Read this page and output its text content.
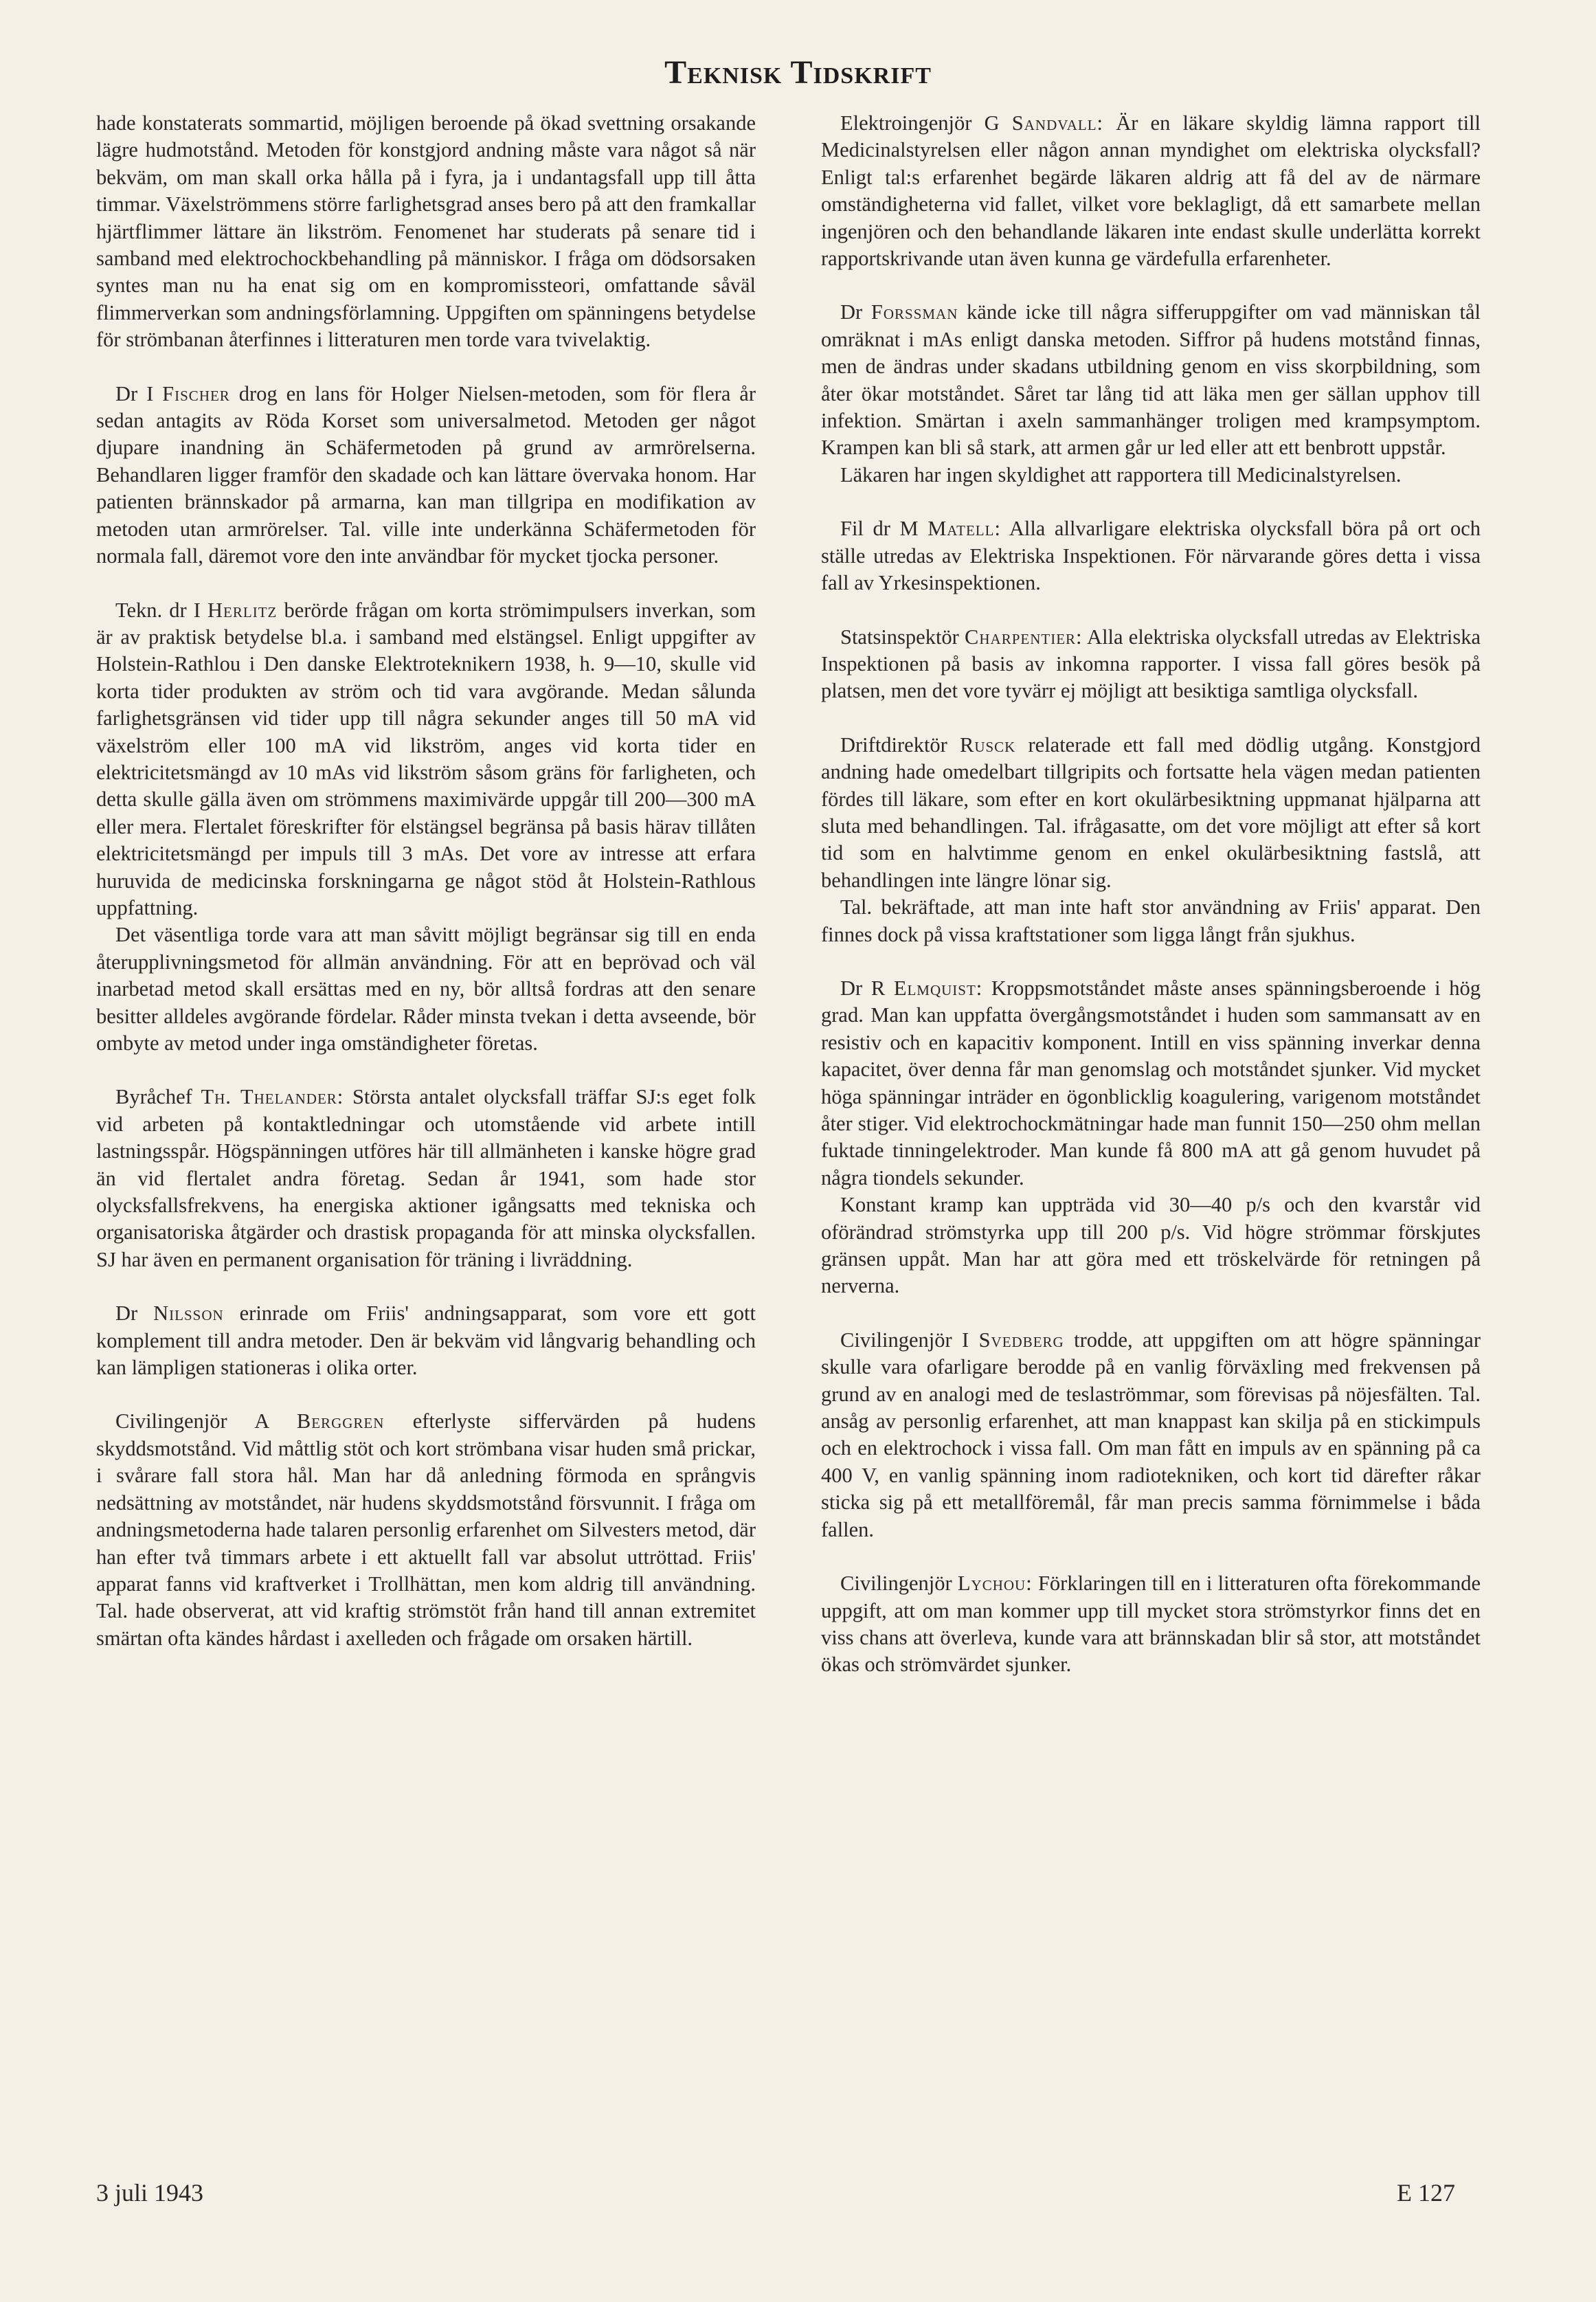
Teknisk Tidskrift

hade konstaterats sommartid, möjligen beroende på ökad svettning orsakande lägre hudmotstånd. Metoden för konstgjord andning måste vara något så när bekväm, om man skall orka hålla på i fyra, ja i undantagsfall upp till åtta timmar. Växelströmmens större farlighetsgrad anses bero på att den framkallar hjärtflimmer lättare än likström. Fenomenet har studerats på senare tid i samband med elektrochockbehandling på människor. I fråga om dödsorsaken syntes man nu ha enat sig om en kompromissteori, omfattande såväl flimmerverkan som andningsförlamning. Uppgiften om spänningens betydelse för strömbanan återfinnes i litteraturen men torde vara tvivelaktig.

Dr I Fischer drog en lans för Holger Nielsen-metoden, som för flera år sedan antagits av Röda Korset som universalmetod. Metoden ger något djupare inandning än Schäfermetoden på grund av armrörelserna. Behandlaren ligger framför den skadade och kan lättare övervaka honom. Har patienten brännskador på armarna, kan man tillgripa en modifikation av metoden utan armrörelser. Tal. ville inte underkänna Schäfermetoden för normala fall, däremot vore den inte användbar för mycket tjocka personer.

Tekn. dr I Herlitz berörde frågan om korta strömimpulsers inverkan, som är av praktisk betydelse bl.a. i samband med elstängsel. Enligt uppgifter av Holstein-Rathlou i Den danske Elektroteknikern 1938, h. 9—10, skulle vid korta tider produkten av ström och tid vara avgörande. Medan sålunda farlighetsgränsen vid tider upp till några sekunder anges till 50 mA vid växelström eller 100 mA vid likström, anges vid korta tider en elektricitetsmängd av 10 mAs vid likström såsom gräns för farligheten, och detta skulle gälla även om strömmens maximivärde uppgår till 200—300 mA eller mera. Flertalet föreskrifter för elstängsel begränsa på basis härav tillåten elektricitetsmängd per impuls till 3 mAs. Det vore av intresse att erfara huruvida de medicinska forskningarna ge något stöd åt Holstein-Rathlous uppfattning.

Det väsentliga torde vara att man såvitt möjligt begränsar sig till en enda återupplivningsmetod för allmän användning. För att en beprövad och väl inarbetad metod skall ersättas med en ny, bör alltså fordras att den senare besitter alldeles avgörande fördelar. Råder minsta tvekan i detta avseende, bör ombyte av metod under inga omständigheter företas.

Byråchef Th. Thelander: Största antalet olycksfall träffar SJ:s eget folk vid arbeten på kontaktledningar och utomstående vid arbete intill lastningsspår. Högspänningen utföres här till allmänheten i kanske högre grad än vid flertalet andra företag. Sedan år 1941, som hade stor olycksfallsfrekvens, ha energiska aktioner igångsatts med tekniska och organisatoriska åtgärder och drastisk propaganda för att minska olycksfallen. SJ har även en permanent organisation för träning i livräddning.

Dr Nilsson erinrade om Friis' andningsapparat, som vore ett gott komplement till andra metoder. Den är bekväm vid långvarig behandling och kan lämpligen stationeras i olika orter.

Civilingenjör A Berggren efterlyste siffervärden på hudens skyddsmotstånd. Vid måttlig stöt och kort strömbana visar huden små prickar, i svårare fall stora hål. Man har då anledning förmoda en språngvis nedsättning av motståndet, när hudens skyddsmotstånd försvunnit. I fråga om andningsmetoderna hade talaren personlig erfarenhet om Silvesters metod, där han efter två timmars arbete i ett aktuellt fall var absolut uttröttad. Friis' apparat fanns vid kraftverket i Trollhättan, men kom aldrig till användning. Tal. hade observerat, att vid kraftig strömstöt från hand till annan extremitet smärtan ofta kändes hårdast i axelleden och frågade om orsaken härtill.

Elektroingenjör G Sandvall: Är en läkare skyldig lämna rapport till Medicinalstyrelsen eller någon annan myndighet om elektriska olycksfall? Enligt tal:s erfarenhet begärde läkaren aldrig att få del av de närmare omständigheterna vid fallet, vilket vore beklagligt, då ett samarbete mellan ingenjören och den behandlande läkaren inte endast skulle underlätta korrekt rapportskrivande utan även kunna ge värdefulla erfarenheter.

Dr Forssman kände icke till några sifferuppgifter om vad människan tål omräknat i mAs enligt danska metoden. Siffror på hudens motstånd finnas, men de ändras under skadans utbildning genom en viss skorpbildning, som åter ökar motståndet. Såret tar lång tid att läka men ger sällan upphov till infektion. Smärtan i axeln sammanhänger troligen med krampsymptom. Krampen kan bli så stark, att armen går ur led eller att ett benbrott uppstår.

Läkaren har ingen skyldighet att rapportera till Medicinalstyrelsen.

Fil dr M Matell: Alla allvarligare elektriska olycksfall böra på ort och ställe utredas av Elektriska Inspektionen. För närvarande göres detta i vissa fall av Yrkesinspektionen.

Statsinspektör Charpentier: Alla elektriska olycksfall utredas av Elektriska Inspektionen på basis av inkomna rapporter. I vissa fall göres besök på platsen, men det vore tyvärr ej möjligt att besiktiga samtliga olycksfall.

Driftdirektör Rusck relaterade ett fall med dödlig utgång. Konstgjord andning hade omedelbart tillgripits och fortsatte hela vägen medan patienten fördes till läkare, som efter en kort okulärbesiktning uppmanat hjälparna att sluta med behandlingen. Tal. ifrågasatte, om det vore möjligt att efter så kort tid som en halvtimme genom en enkel okulärbesiktning fastslå, att behandlingen inte längre lönar sig.

Tal. bekräftade, att man inte haft stor användning av Friis' apparat. Den finnes dock på vissa kraftstationer som ligga långt från sjukhus.

Dr R Elmquist: Kroppsmotståndet måste anses spänningsberoende i hög grad. Man kan uppfatta övergångsmotståndet i huden som sammansatt av en resistiv och en kapacitiv komponent. Intill en viss spänning inverkar denna kapacitet, över denna får man genomslag och motståndet sjunker. Vid mycket höga spänningar inträder en ögonblicklig koagulering, varigenom motståndet åter stiger. Vid elektrochockmätningar hade man funnit 150—250 ohm mellan fuktade tinningelektroder. Man kunde få 800 mA att gå genom huvudet på några tiondels sekunder.

Konstant kramp kan uppträda vid 30—40 p/s och den kvarstår vid oförändrad strömstyrka upp till 200 p/s. Vid högre strömmar förskjutes gränsen uppåt. Man har att göra med ett tröskelvärde för retningen på nerverna.

Civilingenjör I Svedberg trodde, att uppgiften om att högre spänningar skulle vara ofarligare berodde på en vanlig förväxling med frekvensen på grund av en analogi med de teslaströmmar, som förevisas på nöjesfälten. Tal. ansåg av personlig erfarenhet, att man knappast kan skilja på en stickimpuls och en elektrochock i vissa fall. Om man fått en impuls av en spänning på ca 400 V, en vanlig spänning inom radiotekniken, och kort tid därefter råkar sticka sig på ett metallföremål, får man precis samma förnimmelse i båda fallen.

Civilingenjör Lychou: Förklaringen till en i litteraturen ofta förekommande uppgift, att om man kommer upp till mycket stora strömstyrkor finns det en viss chans att överleva, kunde vara att brännskadan blir så stor, att motståndet ökas och strömvärdet sjunker.

3 juli 1943	E 127
